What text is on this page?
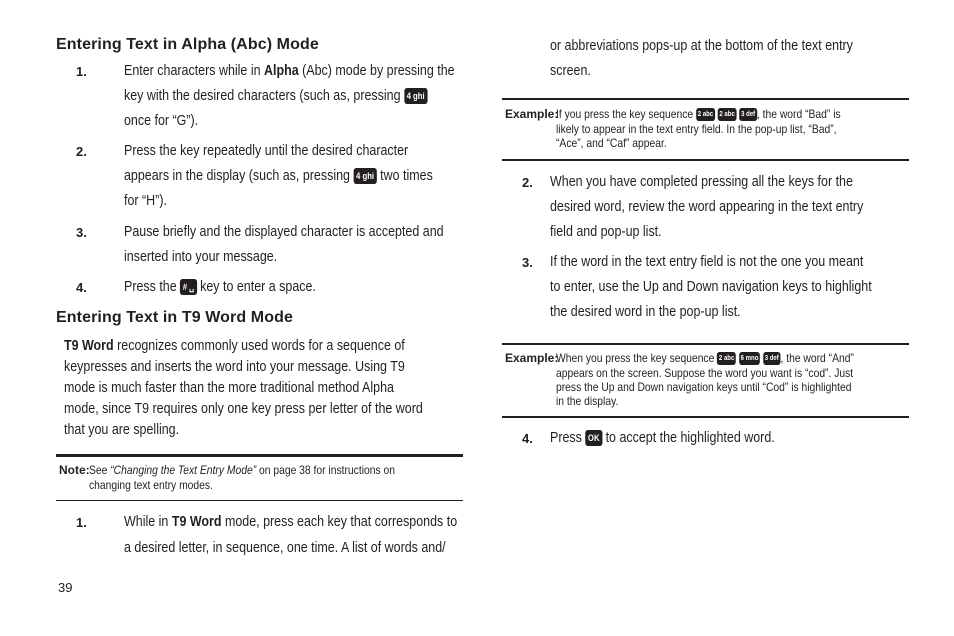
Entering Text in Alpha (Abc) Mode
1.	Enter characters while in Alpha (Abc) mode by pressing the
key with the desired characters (such as, pressing 4 ghi
once for “G”).
2.	Press the key repeatedly until the desired character
appears in the display (such as, pressing 4 ghi two times
for “H”).
3.	Pause briefly and the displayed character is accepted and
inserted into your message.
4.	Press the # ␣ key to enter a space.
Entering Text in T9 Word Mode
T9 Word recognizes commonly used words for a sequence of
keypresses and inserts the word into your message. Using T9
mode is much faster than the more traditional method Alpha
mode, since T9 requires only one key press per letter of the word
that you are spelling.
Note: See “Changing the Text Entry Mode” on page 38 for instructions on
changing text entry modes.
1.	While in T9 Word mode, press each key that corresponds to
a desired letter, in sequence, one time. A list of words and/
39
or abbreviations pops-up at the bottom of the text entry
screen.
Example:
If you press the key sequence 2 abc 2 abc 3 def , the word “Bad” is
likely to appear in the text entry field. In the pop-up list, “Bad”,
“Ace”, and “Caf” appear.
2. When you have completed pressing all the keys for the
desired word, review the word appearing in the text entry
field and pop-up list.
3. If the word in the text entry field is not the one you meant
to enter, use the Up and Down navigation keys to highlight
the desired word in the pop-up list.
Example:
When you press the key sequence 2 abc 6 mno 3 def , the word “And”
appears on the screen. Suppose the word you want is “cod”. Just
press the Up and Down navigation keys until “Cod” is highlighted
in the display.
4. Press OK to accept the highlighted word.
